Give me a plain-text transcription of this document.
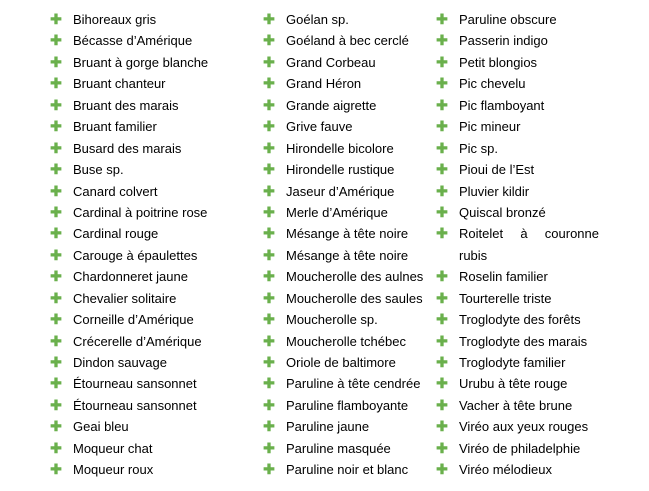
✚ Bihoreaux gris
✚ Bécasse d’Amérique
✚ Bruant à gorge blanche
✚ Bruant chanteur
✚ Bruant des marais
✚ Bruant familier
✚ Busard des marais
✚ Buse sp.
✚ Canard colvert
✚ Cardinal à poitrine rose
✚ Cardinal rouge
✚ Carouge à épaulettes
✚ Chardonneret jaune
✚ Chevalier solitaire
✚ Corneille d’Amérique
✚ Crécerelle d’Amérique
✚ Dindon sauvage
✚ Étourneau sansonnet
✚ Étourneau sansonnet
✚ Geai bleu
✚ Moqueur chat
✚ Moqueur roux
✚ Goélan sp.
✚ Goéland à bec cerclé
✚ Grand Corbeau
✚ Grand Héron
✚ Grande aigrette
✚ Grive fauve
✚ Hirondelle bicolore
✚ Hirondelle rustique
✚ Jaseur d’Amérique
✚ Merle d’Amérique
✚ Mésange à tête noire
✚ Mésange à tête noire
✚ Moucherolle des aulnes
✚ Moucherolle des saules
✚ Moucherolle sp.
✚ Moucherolle tchébec
✚ Oriole de baltimore
✚ Paruline à tête cendrée
✚ Paruline flamboyante
✚ Paruline jaune
✚ Paruline masquée
✚ Paruline noir et blanc
✚ Paruline obscure
✚ Passerin indigo
✚ Petit blongios
✚ Pic chevelu
✚ Pic flamboyant
✚ Pic mineur
✚ Pic sp.
✚ Pioui de l’Est
✚ Pluvier kildir
✚ Quiscal bronzé
✚ Roitelet à couronne rubis
✚ Roselin familier
✚ Tourterelle triste
✚ Troglodyte des forêts
✚ Troglodyte des marais
✚ Troglodyte familier
✚ Urubu à tête rouge
✚ Vacher à tête brune
✚ Viréo aux yeux rouges
✚ Viréo de philadelphie
✚ Viréo mélodieux
